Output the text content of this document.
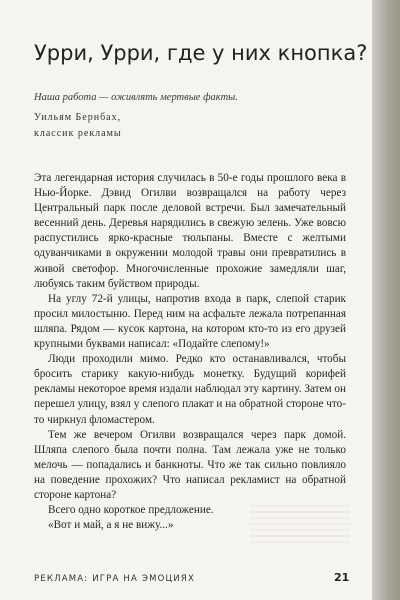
Урри, Урри, где у них кнопка?
Наша работа — оживлять мертвые факты.
Уильям Бернбах,
классик рекламы

Эта легендарная история случилась в 50-е годы прошлого века в Нью-Йорке. Дэвид Огилви возвращался на работу через Центральный парк после деловой встречи. Был замечательный весенний день. Деревья нарядились в свежую зелень. Уже вовсю распустились ярко-красные тюльпаны. Вместе с желтыми одуванчиками в окружении молодой травы они превратились в живой светофор. Многочисленные прохожие замедляли шаг, любуясь таким буйством природы.

На углу 72-й улицы, напротив входа в парк, слепой старик просил милостыню. Перед ним на асфальте лежала потрепанная шляпа. Рядом — кусок картона, на котором кто-то из его друзей крупными буквами написал: «Подайте слепому!»

Люди проходили мимо. Редко кто останавливался, чтобы бросить старику какую-нибудь монетку. Будущий корифей рекламы некоторое время издали наблюдал эту картину. Затем он перешел улицу, взял у слепого плакат и на обратной стороне что-то чиркнул фломастером.

Тем же вечером Огилви возвращался через парк домой. Шляпа слепого была почти полна. Там лежала уже не только мелочь — попадались и банкноты. Что же так сильно повлияло на поведение прохожих? Что написал рекламист на обратной стороне картона?

Всего одно короткое предложение.

«Вот и май, а я не вижу...»

РЕКЛАМА: ИГРА НА ЭМОЦИЯХ	21
